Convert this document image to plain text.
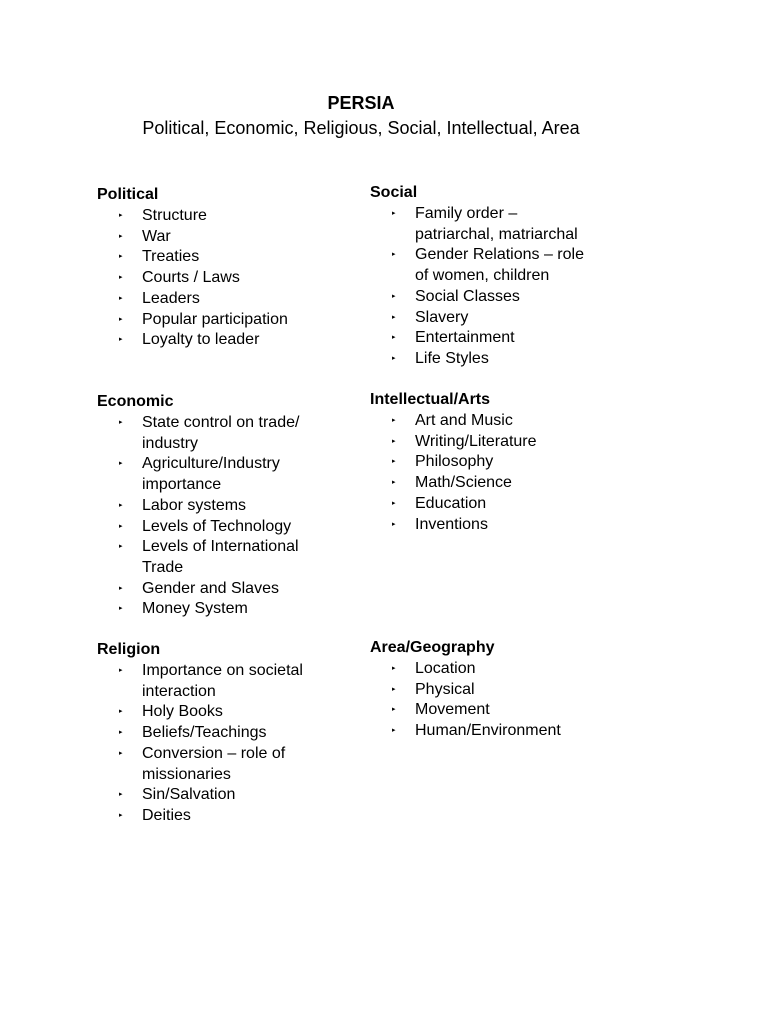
PERSIA

Political, Economic, Religious, Social, Intellectual, Area

Political
▸ Structure
▸ War
▸ Treaties
▸ Courts / Laws
▸ Leaders
▸ Popular participation
▸ Loyalty to leader
Social
▸ Family order – patriarchal, matriarchal
▸ Gender Relations – role of women, children
▸ Social Classes
▸ Slavery
▸ Entertainment
▸ Life Styles
Economic
▸ State control on trade/ industry
▸ Agriculture/Industry importance
▸ Labor systems
▸ Levels of Technology
▸ Levels of International Trade
▸ Gender and Slaves
▸ Money System
Intellectual/Arts
▸ Art and Music
▸ Writing/Literature
▸ Philosophy
▸ Math/Science
▸ Education
▸ Inventions
Religion
▸ Importance on societal interaction
▸ Holy Books
▸ Beliefs/Teachings
▸ Conversion – role of missionaries
▸ Sin/Salvation
▸ Deities
Area/Geography
▸ Location
▸ Physical
▸ Movement
▸ Human/Environment
